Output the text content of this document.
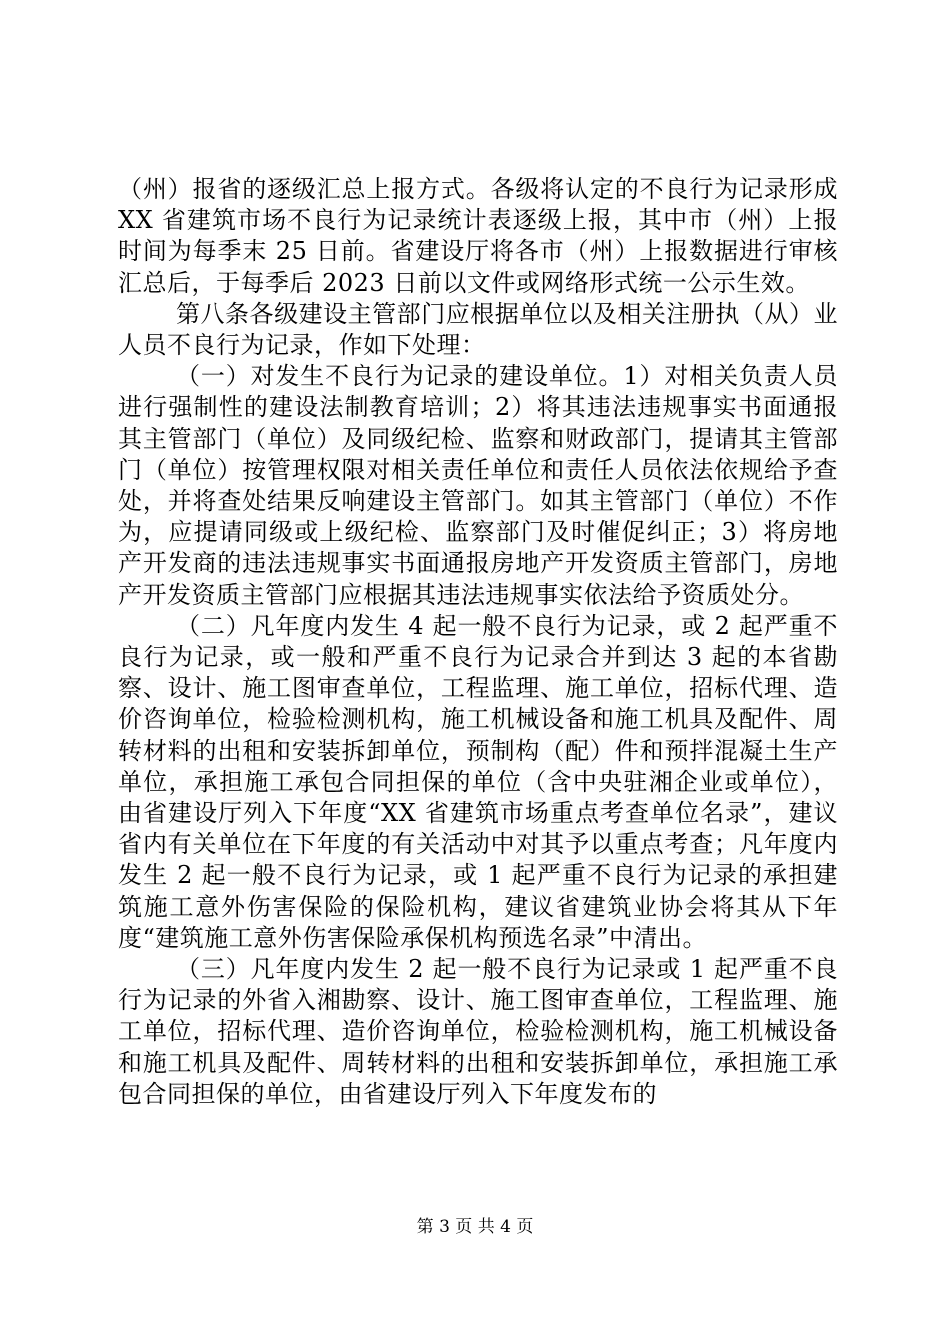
（州）报省的逐级汇总上报方式。各级将认定的不良行为记录形成 XX 省建筑市场不良行为记录统计表逐级上报，其中市（州）上报时间为每季末 25 日前。省建设厅将各市（州）上报数据进行审核汇总后，于每季后 2023 日前以文件或网络形式统一公示生效。

第八条各级建设主管部门应根据单位以及相关注册执（从）业人员不良行为记录，作如下处理：

（一）对发生不良行为记录的建设单位。1）对相关负责人员进行强制性的建设法制教育培训；2）将其违法违规事实书面通报其主管部门（单位）及同级纪检、监察和财政部门，提请其主管部门（单位）按管理权限对相关责任单位和责任人员依法依规给予查处，并将查处结果反响建设主管部门。如其主管部门（单位）不作为，应提请同级或上级纪检、监察部门及时催促纠正；3）将房地产开发商的违法违规事实书面通报房地产开发资质主管部门，房地产开发资质主管部门应根据其违法违规事实依法给予资质处分。

（二）凡年度内发生 4 起一般不良行为记录，或 2 起严重不良行为记录，或一般和严重不良行为记录合并到达 3 起的本省勘察、设计、施工图审查单位，工程监理、施工单位，招标代理、造价咨询单位，检验检测机构，施工机械设备和施工机具及配件、周转材料的出租和安装拆卸单位，预制构（配）件和预拌混凝土生产单位，承担施工承包合同担保的单位（含中央驻湘企业或单位），由省建设厅列入下年度“XX 省建筑市场重点考查单位名录”，建议省内有关单位在下年度的有关活动中对其予以重点考查；凡年度内发生 2 起一般不良行为记录，或 1 起严重不良行为记录的承担建筑施工意外伤害保险的保险机构，建议省建筑业协会将其从下年度“建筑施工意外伤害保险承保机构预选名录”中清出。

（三）凡年度内发生 2 起一般不良行为记录或 1 起严重不良行为记录的外省入湘勘察、设计、施工图审查单位，工程监理、施工单位，招标代理、造价咨询单位，检验检测机构，施工机械设备和施工机具及配件、周转材料的出租和安装拆卸单位，承担施工承包合同担保的单位，由省建设厅列入下年度发布的

第 3 页 共 4 页
